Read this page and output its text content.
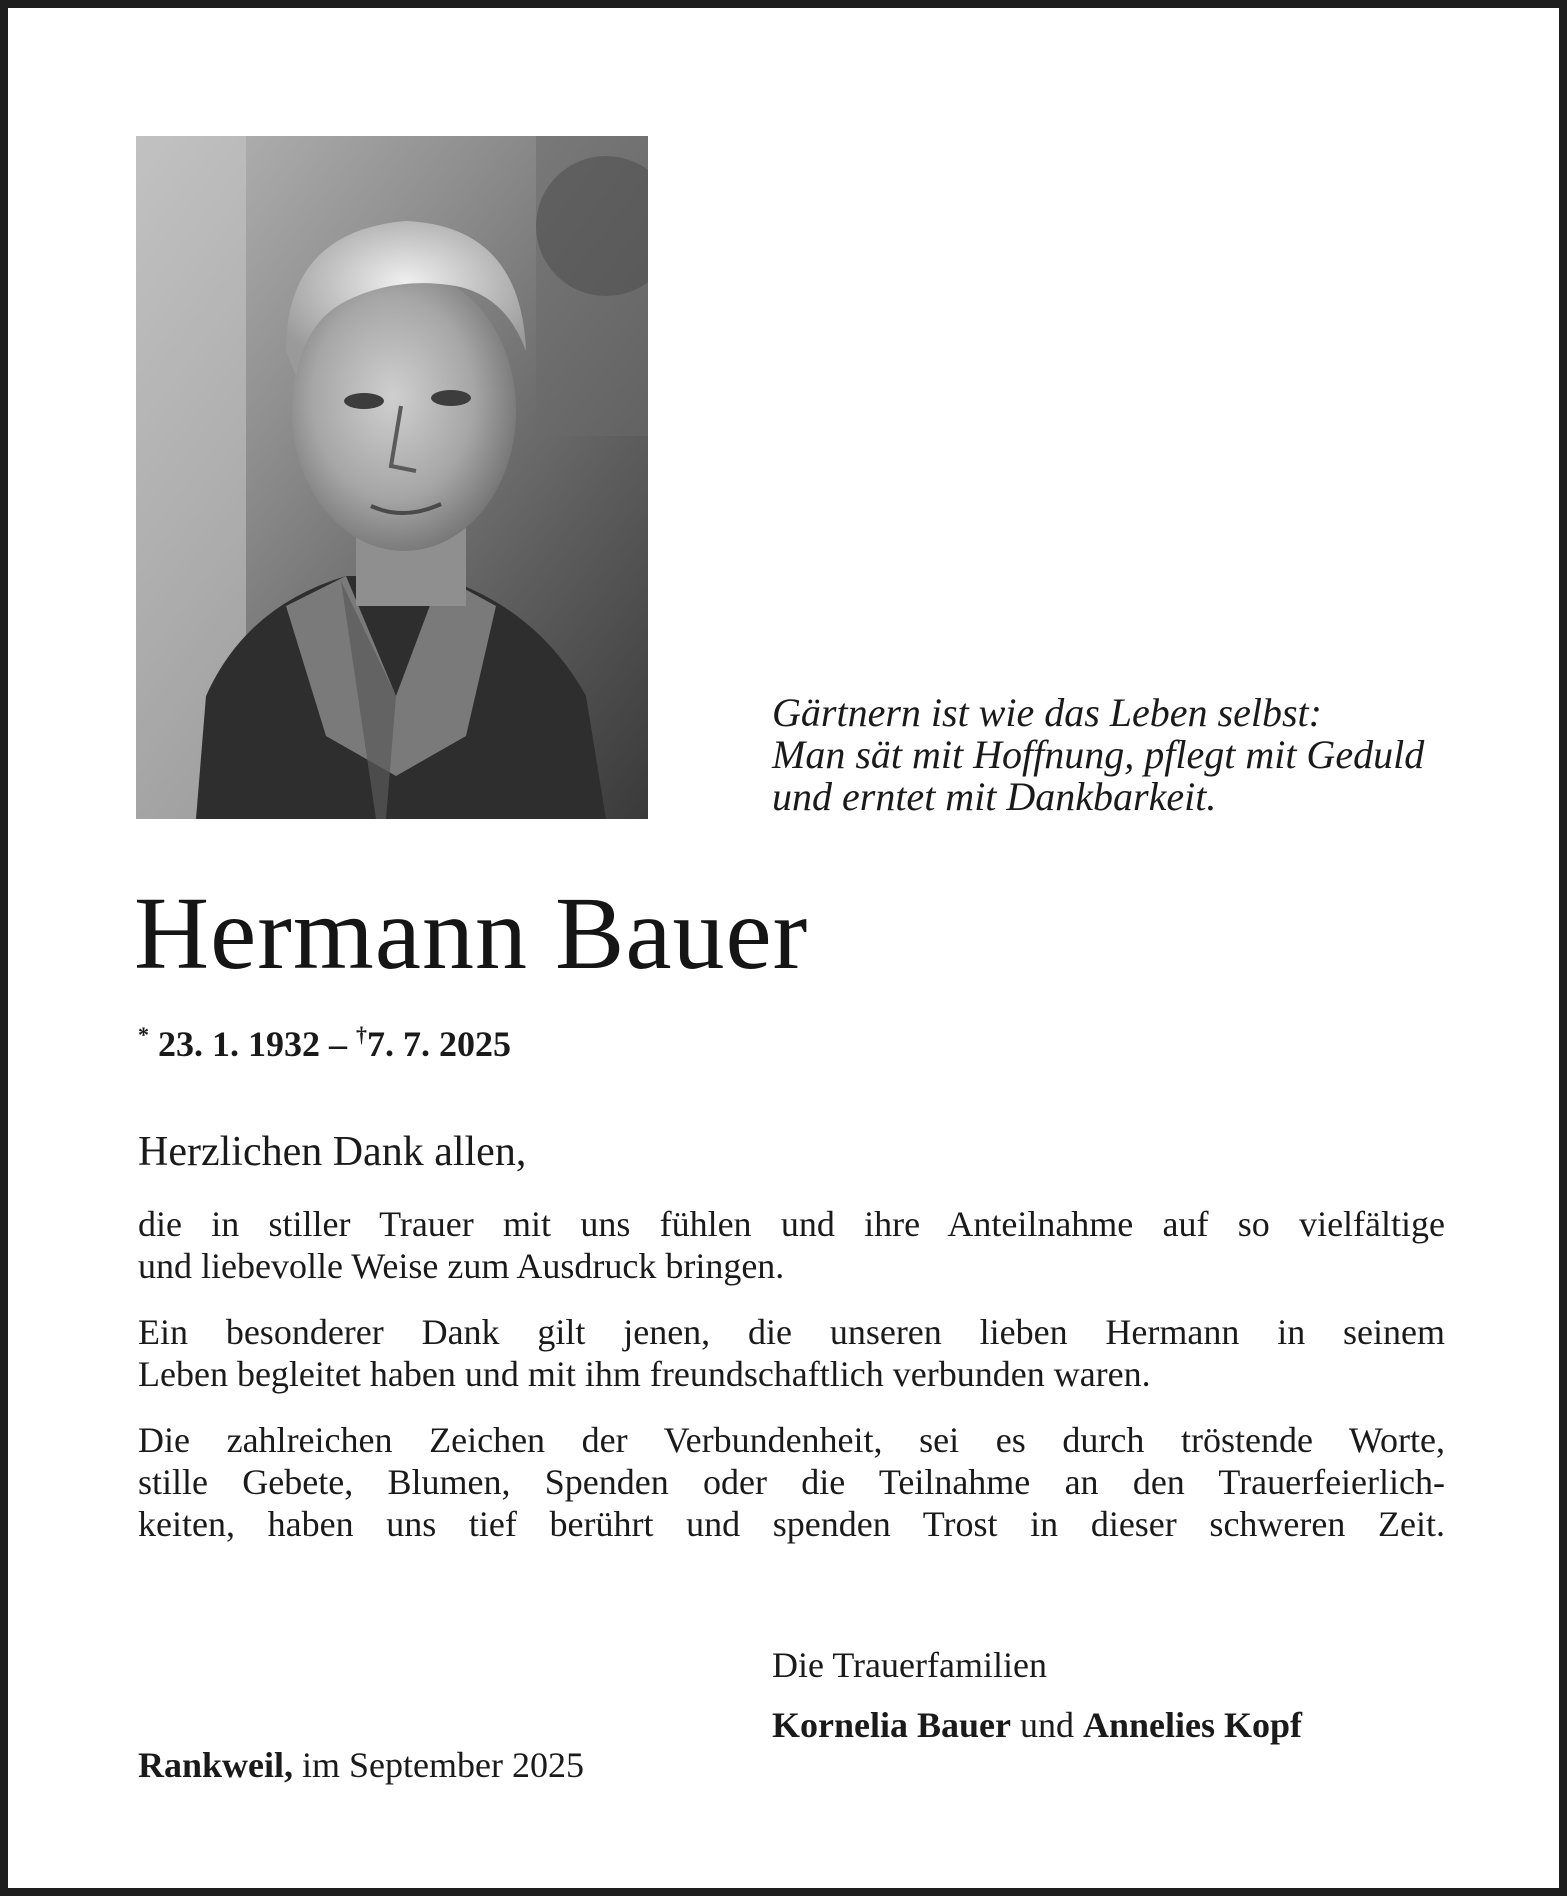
Gärtnern ist wie das Leben selbst:
Man sät mit Hoffnung, pflegt mit Geduld
und erntet mit Dankbarkeit.
Hermann Bauer
* 23. 1. 1932 – †7. 7. 2025
Herzlichen Dank allen,

die in stiller Trauer mit uns fühlen und ihre Anteilnahme auf so vielfältige
und liebevolle Weise zum Ausdruck bringen.

Ein besonderer Dank gilt jenen, die unseren lieben Hermann in seinem
Leben begleitet haben und mit ihm freundschaftlich verbunden waren.

Die zahlreichen Zeichen der Verbundenheit, sei es durch tröstende Worte,
stille Gebete, Blumen, Spenden oder die Teilnahme an den Trauerfeierlich-
keiten, haben uns tief berührt und spenden Trost in dieser schweren Zeit.

Die Trauerfamilien
Kornelia Bauer und Annelies Kopf
Rankweil, im September 2025
